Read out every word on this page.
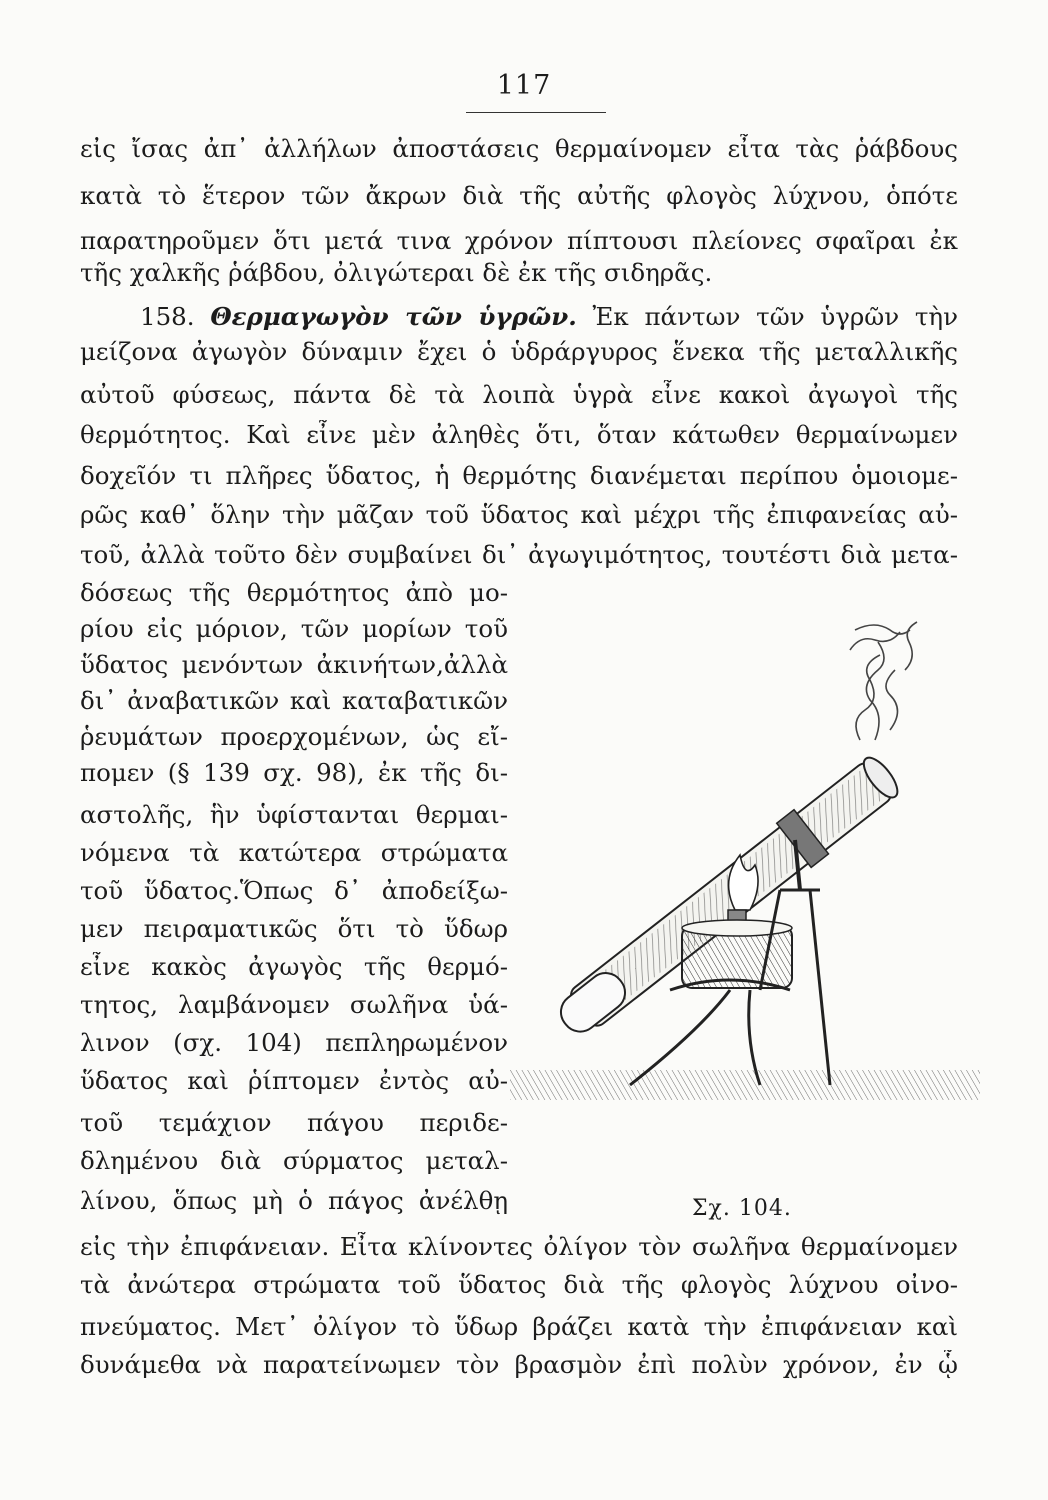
117
εἰς ἴσας ἀπ᾽ ἀλλήλων ἀποστάσεις θερμαίνομεν εἶτα τὰς ῥάβδους
κατὰ τὸ ἕτερον τῶν ἄκρων διὰ τῆς αὐτῆς φλογὸς λύχνου, ὁπότε
παρατηροῦμεν ὅτι μετά τινα χρόνον πίπτουσι πλείονες σφαῖραι ἐκ
τῆς χαλκῆς ῥάβδου, ὀλιγώτεραι δὲ ἐκ τῆς σιδηρᾶς.
158. Θερμαγωγὸν τῶν ὑγρῶν. Ἐκ πάντων τῶν ὑγρῶν τὴν
μείζονα ἀγωγὸν δύναμιν ἔχει ὁ ὑδράργυρος ἕνεκα τῆς μεταλλικῆς
αὐτοῦ φύσεως, πάντα δὲ τὰ λοιπὰ ὑγρὰ εἶνε κακοὶ ἀγωγοὶ τῆς
θερμότητος. Καὶ εἶνε μὲν ἀληθὲς ὅτι, ὅταν κάτωθεν θερμαίνωμεν
δοχεῖόν τι πλῆρες ὕδατος, ἡ θερμότης διανέμεται περίπου ὁμοιομε-
ρῶς καθ᾽ ὅλην τὴν μᾶζαν τοῦ ὕδατος καὶ μέχρι τῆς ἐπιφανείας αὐ-
τοῦ, ἀλλὰ τοῦτο δὲν συμβαίνει δι᾽ ἀγωγιμότητος, τουτέστι διὰ μετα-
δόσεως τῆς θερμότητος ἀπὸ μο-
ρίου εἰς μόριον, τῶν μορίων τοῦ
ὕδατος μενόντων ἀκινήτων,ἀλλὰ
δι᾽ ἀναβατικῶν καὶ καταβατικῶν
ῥευμάτων προερχομένων, ὡς εἴ-
πομεν (§ 139 σχ. 98), ἐκ τῆς δι-
αστολῆς, ἣν ὑφίστανται θερμαι-
νόμενα τὰ κατώτερα στρώματα
τοῦ ὕδατος.Ὅπως δ᾽ ἀποδείξω-
μεν πειραματικῶς ὅτι τὸ ὕδωρ
εἶνε κακὸς ἀγωγὸς τῆς θερμό-
τητος, λαμβάνομεν σωλῆνα ὑά-
λινον (σχ. 104) πεπληρωμένον
ὕδατος καὶ ῥίπτομεν ἐντὸς αὐ-
τοῦ τεμάχιον πάγου περιδε-
δλημένου διὰ σύρματος μεταλ-
λίνου, ὅπως μὴ ὁ πάγος ἀνέλθῃ
εἰς τὴν ἐπιφάνειαν. Εἶτα κλίνοντες ὀλίγον τὸν σωλῆνα θερμαίνομεν
τὰ ἀνώτερα στρώματα τοῦ ὕδατος διὰ τῆς φλογὸς λύχνου οἰνο-
πνεύματος. Μετ᾽ ὀλίγον τὸ ὕδωρ βράζει κατὰ τὴν ἐπιφάνειαν καὶ
δυνάμεθα νὰ παρατείνωμεν τὸν βρασμὸν ἐπὶ πολὺν χρόνον, ἐν ᾧ
Σχ. 104.
